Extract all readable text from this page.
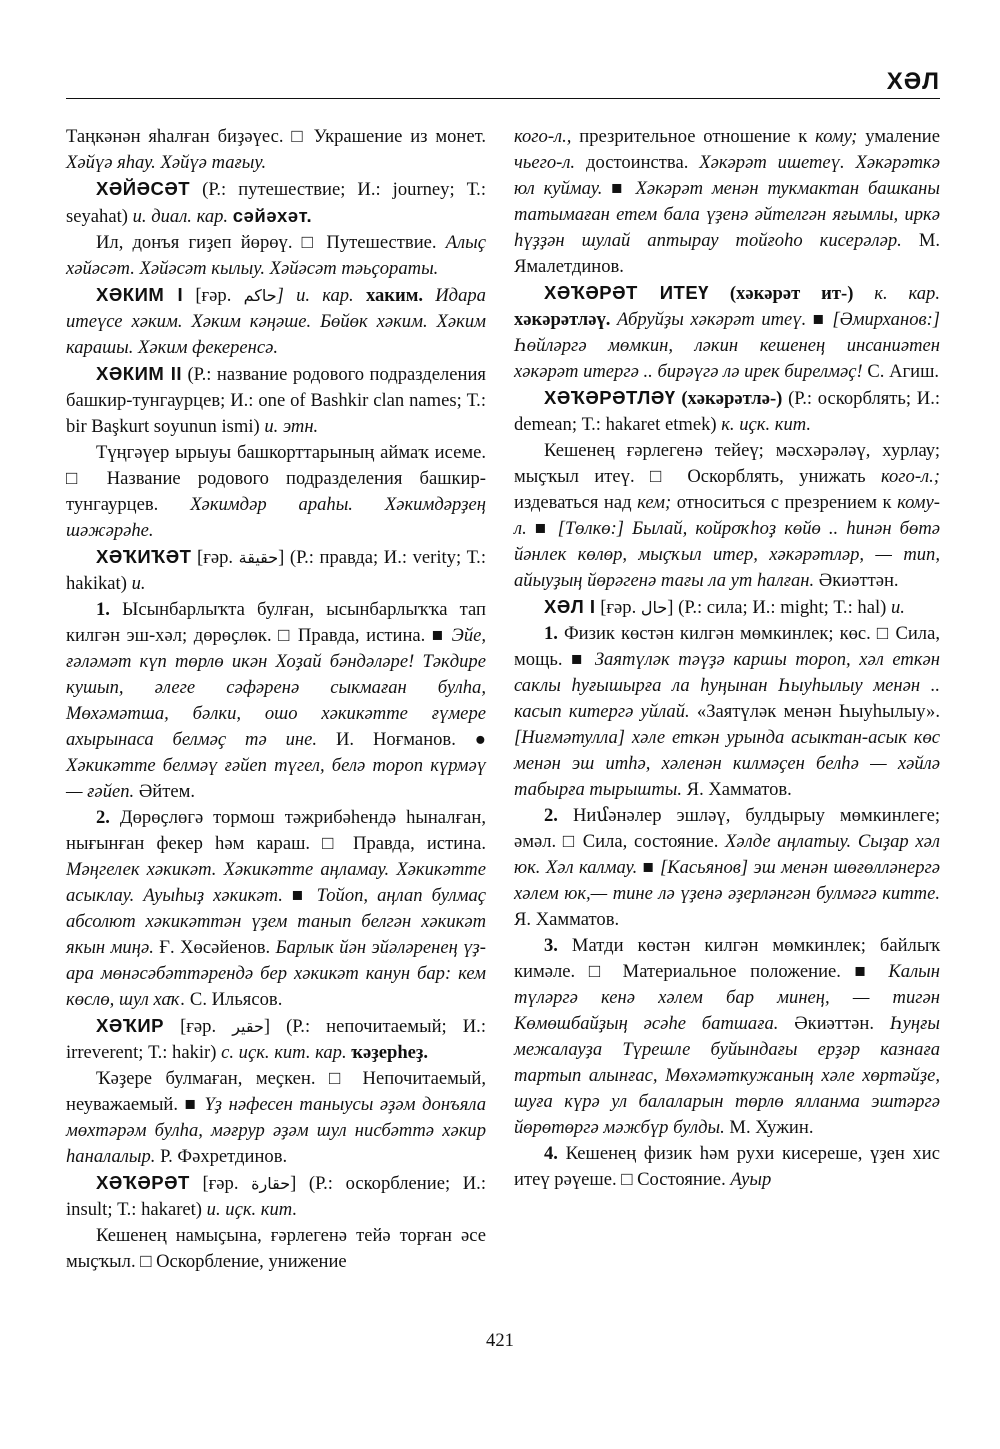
ХӘЛ

Таңкәнән яһалған биҙәүес. □ Украшение из монет. Хәйүә яһау. Хәйүә тағыу.

ХӘЙӘСӘТ (Р.: путешествие; И.: journey; Т.: seyahat) и. диал. кар. сәйәхәт.

Ил, донъя гиҙеп йөрөү. □ Путешествие. Алыҫ хәйәсәт. Хәйәсәт кылыу. Хәйәсәт тәьҫораты.

ХӘКИМ I [ғәр. حاكم] и. кар. хаким. Идара итеүсе хәким. Хәким кәңәше. Бөйөк хәким. Хәким карашы. Хәким фекеренсә.

ХӘКИМ II (Р.: название родового подразделения башкир-тунгаурцев; И.: one of Bashkir clan names; Т.: bir Başkurt soyunun ismi) и. этн.

Түңгәүер ырыуы башкорттарының аймаҡ исеме. □ Название родового подразделения башкир-тунгаурцев. Хәкимдәр араһы. Хәкимдәрҙең шәжәрәһе.

ХӘҠИҠӘТ [ғәр. حقيقة] (Р.: правда; И.: verity; Т.: hakikat) и.

1. Ысынбарлыҡта булған, ысынбарлыҡҡа тап килгән эш-хәл; дөрөҫлөк. □ Правда, истина. ■ Эйе, ғәләмәт күп төрлө икән Хоҙай бәндәләре! Тәкдире кушып, әлеге сәфәренә сыкмаған булһа, Мөхәмәтша, бәлки, ошо хәкикәтте ғүмере ахырынаса белмәҫ тә ине. И. Ноғманов. ● Хәкикәтте белмәү ғәйеп түгел, белә тороп күрмәү — ғәйеп. Әйтем.

2. Дөрөҫлөгә тормош тәжрибәһендә һыналған, нығынған фекер һәм караш. □ Правда, истина. Мәңгелек хәкикәт. Хәкикәтте аңламау. Хәкикәтте асыклау. Ауыһыҙ хәкикәт. ■ Тойоп, аңлап булмаҫ абсолют хәкикәттән үҙем танып белгән хәкикәт якын миңә. Ғ. Хөсәйенов. Барлык йән эйәләренең үҙ-ара мөнәсәбәттәрендә бер хәкикәт канун бар: кем көслө, шул хаҡ. С. Ильясов.

ХӘҠИР [ғәр. حقير] (Р.: непочитаемый; И.: irreverent; Т.: hakir) с. иҫк. кит. кар. ҡәҙерһеҙ.

Ҡәҙере булмаған, меҫкен. □ Непочитаемый, неуважаемый. ■ Үҙ нәфесен таныусы әҙәм донъяла мөхтәрәм булһа, мәғрур әҙәм шул нисбәттә хәкир һаналалыр. Р. Фәхретдинов.

ХӘҠӘРӘТ [ғәр. حقارة] (Р.: оскорбление; И.: insult; Т.: hakaret) и. иҫк. кит.

Кешенең намыҫына, ғәрлегенә тейә торған әсе мыҫҡыл. □ Оскорбление, унижение

кого-л., презрительное отношение к кому; умаление чьего-л. достоинства. Хәкәрәт ишетеү. Хәкәрәткә юл куймау. ■ Хәкәрәт менән тукмактан башканы татымаған етем бала үҙенә әйтелгән яғымлы, иркә һүҙҙән шулай аптырау тойғоһо кисерәләр. М. Ямалетдинов.

ХӘҠӘРӘТ ИТЕҮ (хәкәрәт ит-) к. кар. хәкәрәтләү. Абруйҙы хәкәрәт итеү. ■ [Әмирханов:] Һөйләргә мөмкин, ләкин кешенең инсаниәтен хәкәрәт итергә .. бирәүгә лә ирек бирелмәҫ! С. Агиш.

ХӘҠӘРӘТЛӘҮ (хәкәрәтлә-) (Р.: оскорблять; И.: demean; Т.: hakaret etmek) к. иҫк. кит.

Кешенең ғәрлегенә тейеү; мәсхәрәләү, хурлау; мыҫҡыл итеү. □ Оскорблять, унижать кого-л.; издеваться над кем; относиться с презрением к кому-л. ■ [Төлкө:] Былай, койроҡһоҙ көйө .. һинән бөтә йәнлек көлөр, мыҫҡыл итер, хәкәрәтләр, — тип, айыуҙың йөрәгенә тағы ла ут һалған. Әкиәттән.

ХӘЛ I [ғәр. حال] (Р.: сила; И.: might; Т.: hal) и.

1. Физик көстән килгән мөмкинлек; көс. □ Сила, мощь. ■ Заятүләк тәүҙә каршы тороп, хәл еткән саклы һуғышырға ла һуңынан Һыуһылыу менән .. касып китергә уйлай. «Заятүләк менән Һыуһылыу». [Ниғмәтулла] хәле еткән урында асыктан-асык көс менән эш итһә, хәленән килмәҫен белһә — хәйлә табырға тырышты. Я. Хамматов.

2. Ниմәнәлер эшләү, булдырыу мөмкинлеге; әмәл. □ Сила, состояние. Хәлде аңлатыу. Сыҙар хәл юк. Хәл калмау. ■ [Касьянов] эш менән шөғөлләнергә хәлем юк,— тине лә үҙенә әҙерләнгән булмәгә китте. Я. Хамматов.

3. Матди көстән килгән мөмкинлек; байлыҡ кимәле. □ Материальное положение. ■ Калын түләргә кенә хәлем бар минең, — тигән Көмөшбайҙың әсәһе батшаға. Әкиәттән. Һуңғы межалауҙа Түрешле буйындағы ерҙәр казнаға тартып алынғас, Мөхәмәткужаның хәле хөртәйҙе, шуға күрә ул балаларын төрлө ялланма эштәргә йөрөтөргә мәжбүр булды. М. Хужин.

4. Кешенең физик һәм рухи кисереше, үҙен хис итеү рәүеше. □ Состояние. Ауыр

421
